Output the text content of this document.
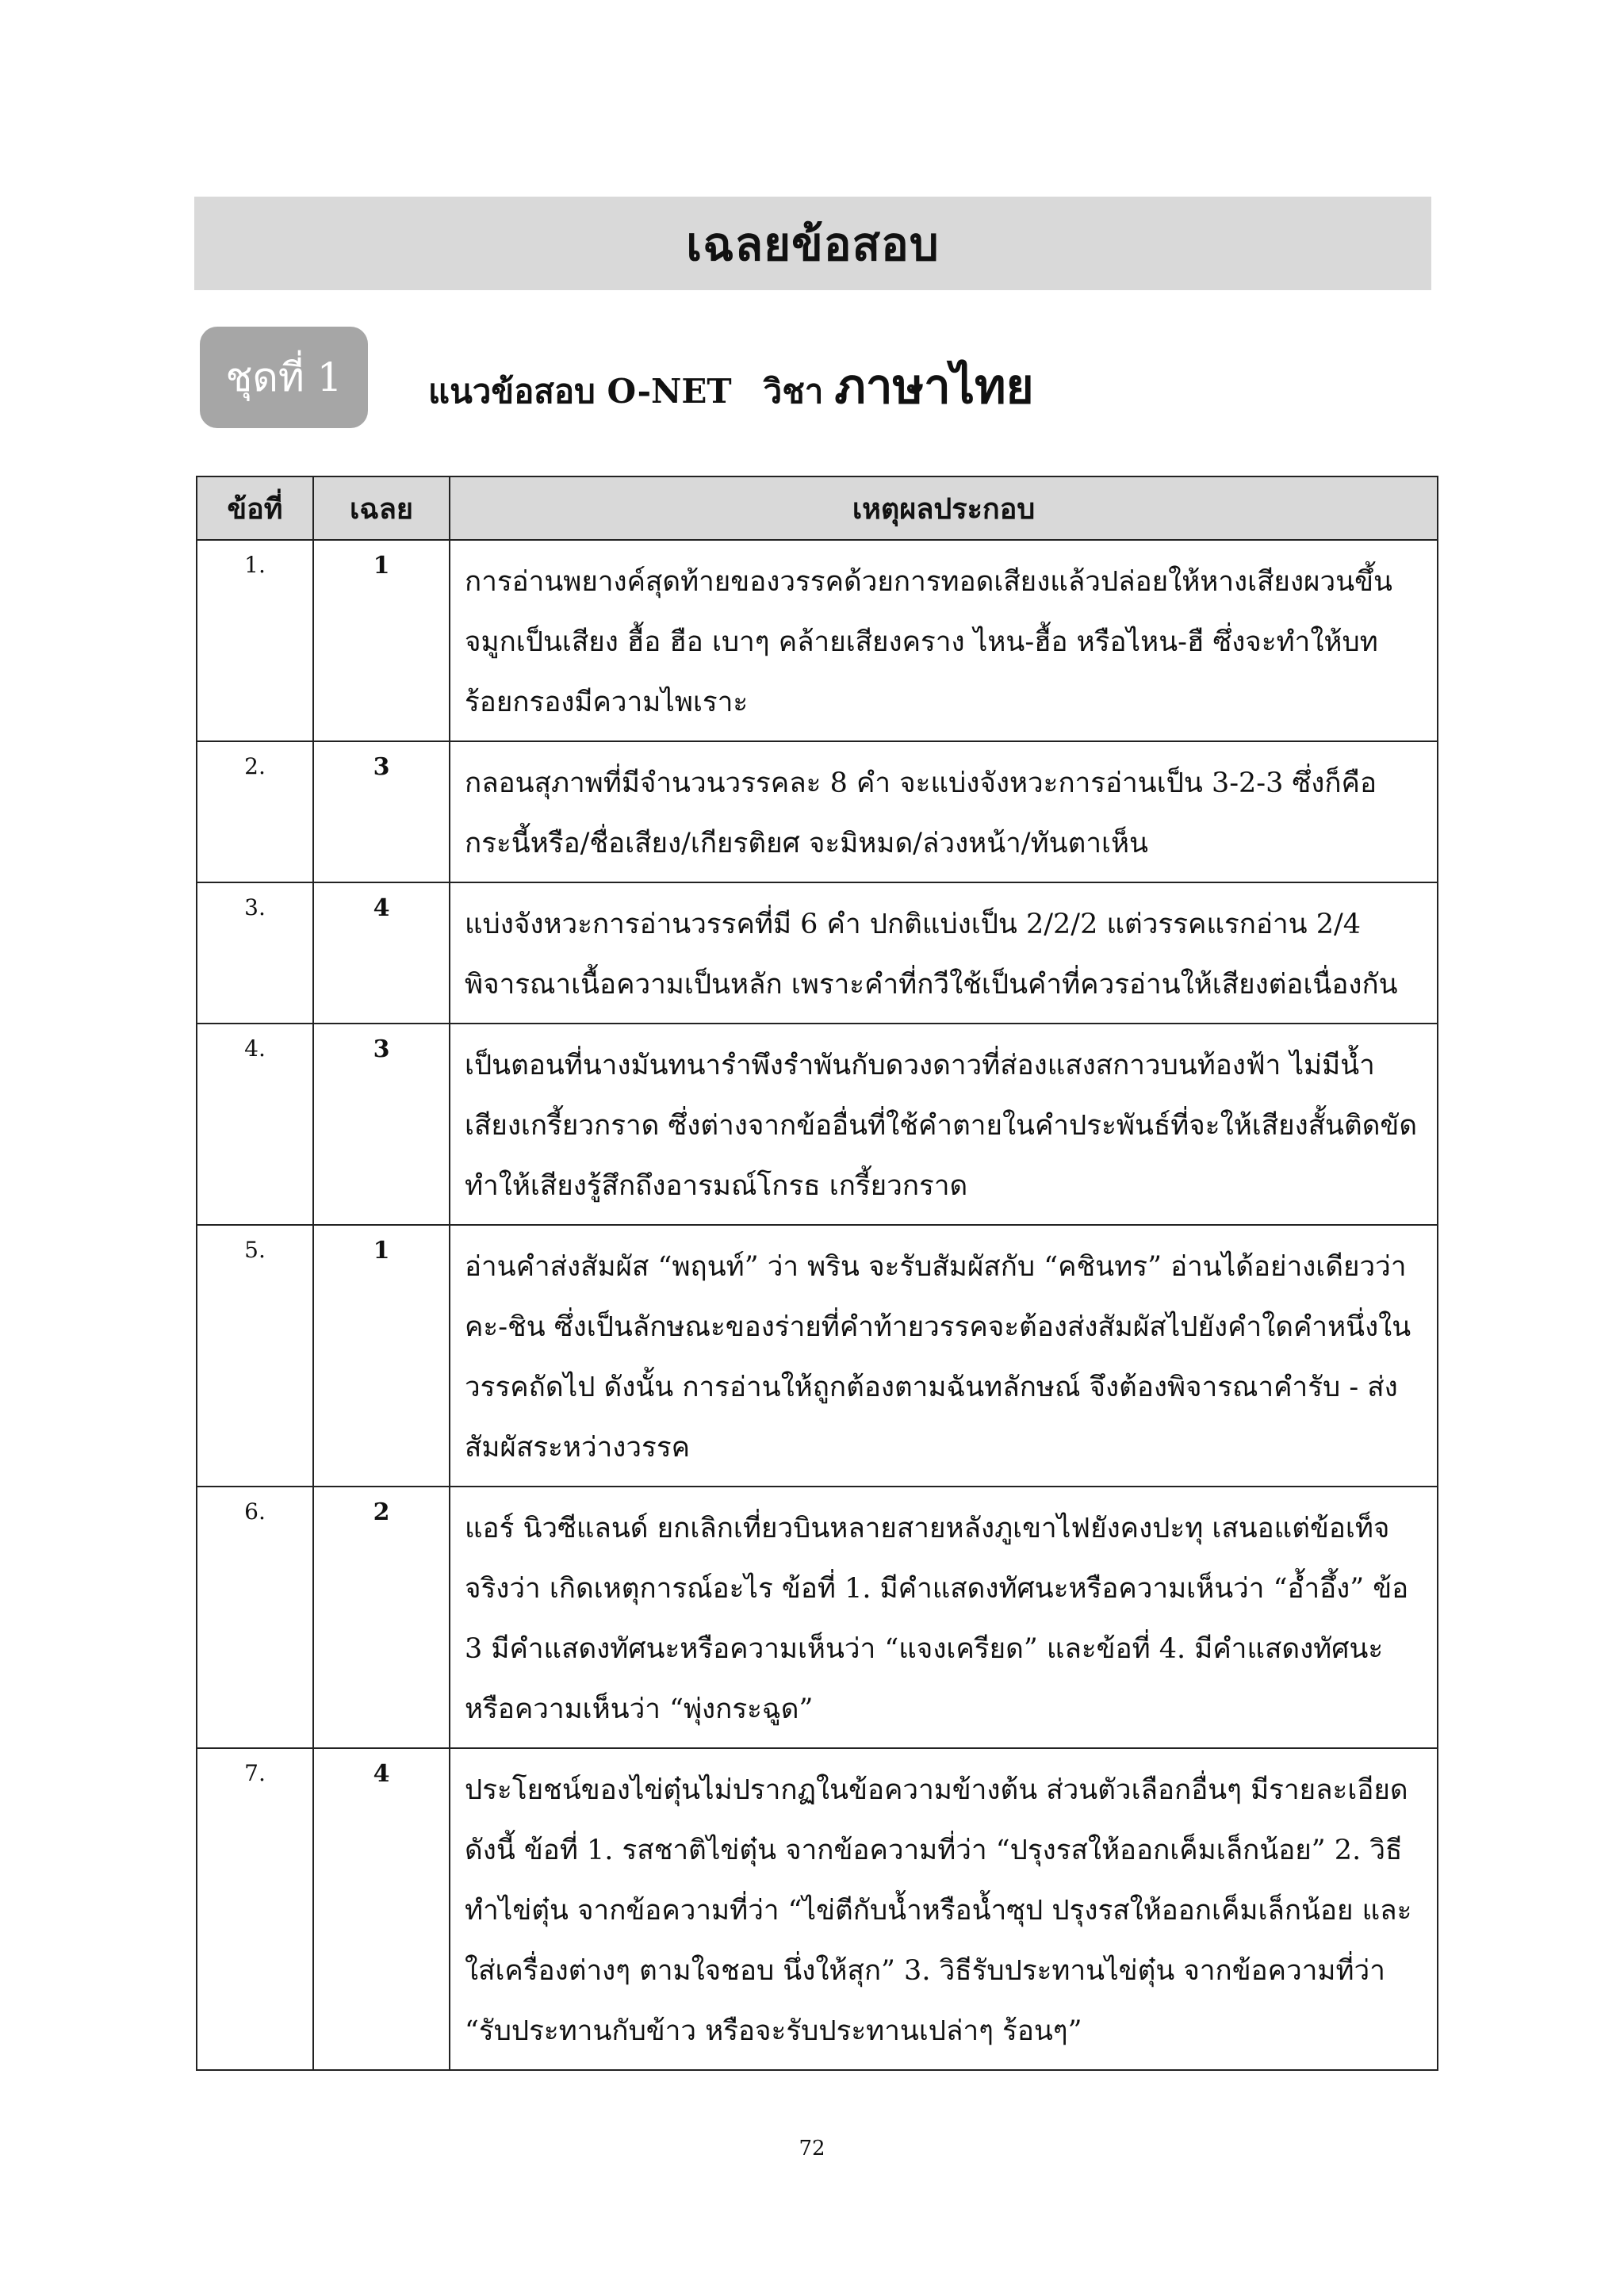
เฉลยข้อสอบ
ชุดที่ 1	แนวข้อสอบ O-NET วิชา ภาษาไทย
ข้อที่	เฉลย	เหตุผลประกอบ
1.	1	การอ่านพยางค์สุดท้ายของวรรคด้วยการทอดเสียงแล้วปล่อยให้หางเสียงผวนขึ้นจมูกเป็นเสียง ฮื้อ ฮือ เบาๆ คล้ายเสียงคราง ไหน-ฮื้อ หรือไหน-ฮื ซึ่งจะทำให้บทร้อยกรองมีความไพเราะ
2.	3	กลอนสุภาพที่มีจำนวนวรรคละ 8 คำ จะแบ่งจังหวะการอ่านเป็น 3-2-3 ซึ่งก็คือ กระนี้หรือ/ชื่อเสียง/เกียรติยศ จะมิหมด/ล่วงหน้า/ทันตาเห็น
3.	4	แบ่งจังหวะการอ่านวรรคที่มี 6 คำ ปกติแบ่งเป็น 2/2/2 แต่วรรคแรกอ่าน 2/4 พิจารณาเนื้อความเป็นหลัก เพราะคำที่กวีใช้เป็นคำที่ควรอ่านให้เสียงต่อเนื่องกัน
4.	3	เป็นตอนที่นางมันทนารำพึงรำพันกับดวงดาวที่ส่องแสงสกาวบนท้องฟ้า ไม่มีน้ำเสียงเกรี้ยวกราด ซึ่งต่างจากข้ออื่นที่ใช้คำตายในคำประพันธ์ที่จะให้เสียงสั้นติดขัด ทำให้เสียงรู้สึกถึงอารมณ์โกรธ เกรี้ยวกราด
5.	1	อ่านคำส่งสัมผัส “พฤนท์” ว่า พริน จะรับสัมผัสกับ “คชินทร” อ่านได้อย่างเดียวว่า คะ-ชิน ซึ่งเป็นลักษณะของร่ายที่คำท้ายวรรคจะต้องส่งสัมผัสไปยังคำใดคำหนึ่งในวรรคถัดไป ดังนั้น การอ่านให้ถูกต้องตามฉันทลักษณ์ จึงต้องพิจารณาคำรับ - ส่งสัมผัสระหว่างวรรค
6.	2	แอร์ นิวซีแลนด์ ยกเลิกเที่ยวบินหลายสายหลังภูเขาไฟยังคงปะทุ เสนอแต่ข้อเท็จจริงว่า เกิดเหตุการณ์อะไร ข้อที่ 1. มีคำแสดงทัศนะหรือความเห็นว่า “อ้ำอึ้ง” ข้อ 3 มีคำแสดงทัศนะหรือความเห็นว่า “แจงเครียด” และข้อที่ 4. มีคำแสดงทัศนะหรือความเห็นว่า “พุ่งกระฉูด”
7.	4	ประโยชน์ของไข่ตุ๋นไม่ปรากฏในข้อความข้างต้น ส่วนตัวเลือกอื่นๆ มีรายละเอียดดังนี้ ข้อที่ 1. รสชาติไข่ตุ๋น จากข้อความที่ว่า “ปรุงรสให้ออกเค็มเล็กน้อย” 2. วิธีทำไข่ตุ๋น จากข้อความที่ว่า “ไข่ตีกับน้ำหรือน้ำซุป ปรุงรสให้ออกเค็มเล็กน้อย และใส่เครื่องต่างๆ ตามใจชอบ นึ่งให้สุก” 3. วิธีรับประทานไข่ตุ๋น จากข้อความที่ว่า “รับประทานกับข้าว หรือจะรับประทานเปล่าๆ ร้อนๆ”
72
